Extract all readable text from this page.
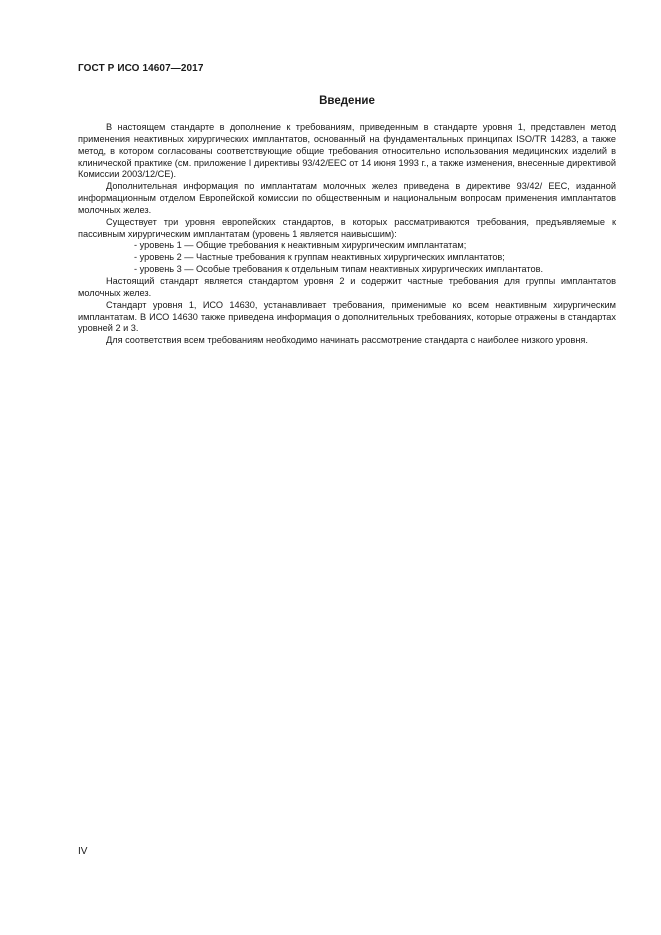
ГОСТ Р ИСО 14607—2017
Введение

В настоящем стандарте в дополнение к требованиям, приведенным в стандарте уровня 1, представлен метод применения неактивных хирургических имплантатов, основанный на фундаментальных принципах ISO/TR 14283, а также метод, в котором согласованы соответствующие общие требования относительно использования медицинских изделий в клинической практике (см. приложение I директивы 93/42/EEC от 14 июня 1993 г., а также изменения, внесенные директивой Комиссии 2003/12/CE).

Дополнительная информация по имплантатам молочных желез приведена в директиве 93/42/ EEC, изданной информационным отделом Европейской комиссии по общественным и национальным вопросам применения имплантатов молочных желез.

Существует три уровня европейских стандартов, в которых рассматриваются требования, предъявляемые к пассивным хирургическим имплантатам (уровень 1 является наивысшим):

- уровень 1 — Общие требования к неактивным хирургическим имплантатам;

- уровень 2 — Частные требования к группам неактивных хирургических имплантатов;

- уровень 3 — Особые требования к отдельным типам неактивных хирургических имплантатов.

Настоящий стандарт является стандартом уровня 2 и содержит частные требования для группы имплантатов молочных желез.

Стандарт уровня 1, ИСО 14630, устанавливает требования, применимые ко всем неактивным хирургическим имплантатам. В ИСО 14630 также приведена информация о дополнительных требованиях, которые отражены в стандартах уровней 2 и 3.

Для соответствия всем требованиям необходимо начинать рассмотрение стандарта с наиболее низкого уровня.

IV
